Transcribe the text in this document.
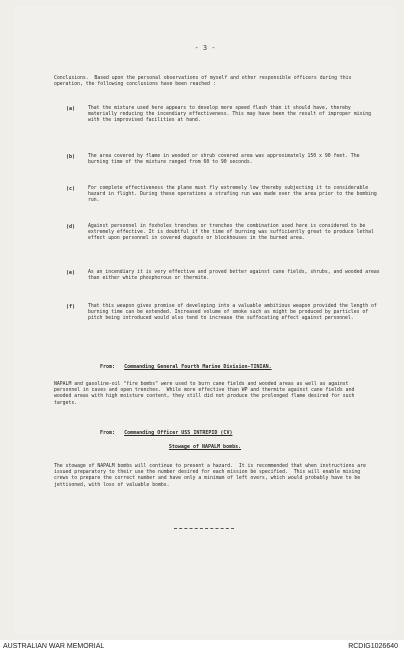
- 3 -
Conclusions.  Based upon the personal observations of myself and other responsible officers during this operation, the following conclusions have been reached :
(a)	That the mixture used here appears to develop more speed flash than it should have, thereby materially reducing the incendiary effectiveness. This may have been the result of improper mixing with the improvised facilities at hand.
(b)	The area covered by flame in wooded or shrub covered area was approximately 150 x 90 feet. The burning time of the mixture ranged from 60 to 90 seconds.
(c)	For complete effectiveness the plane must fly extremely low thereby subjecting it to considerable hazard in flight. During these operations a strafing run was made over the area prior to the bombing run.
(d)	Against personnel in foxholes trenches or trenches the combination used here is considered to be extremely effective. It is doubtful if the time of burning was sufficiently great to produce lethal effect upon personnel in covered dugouts or blockhouses in the burned area.
(e)	As an incendiary it is very effective and proved better against cane fields, shrubs, and wooded areas than either white phosphorous or thermite.
(f)	That this weapon gives promise of developing into a valuable ambitious weapon provided the length of burning time can be extended. Increased volume of smoke such as might be produced by particles of pitch being introduced would also tend to increase the suffocating effect against personnel.
From: Commanding General Fourth Marine Division-TINIAN.
NAPALM and gasoline-oil "fire bombs" were used to burn cane fields and wooded areas as well as against personnel in caves and open trenches.  While more effective than WP and thermite against cane fields and wooded areas with high moisture content, they still did not produce the prolonged flame desired for such targets.
From: Commanding Officer USS INTREPID (CV)
Stowage of NAPALM bombs.
The stowage of NAPALM bombs will continue to present a hazard.  It is recommended that when instructions are issued preparatory to their use the number desired for each mission be specified.  This will enable mixing crews to prepare the correct number and have only a minimum of left overs, which would probably have to be jettisoned, with loss of valuable bombs.
AUSTRALIAN WAR MEMORIAL	RCDIG1026640
